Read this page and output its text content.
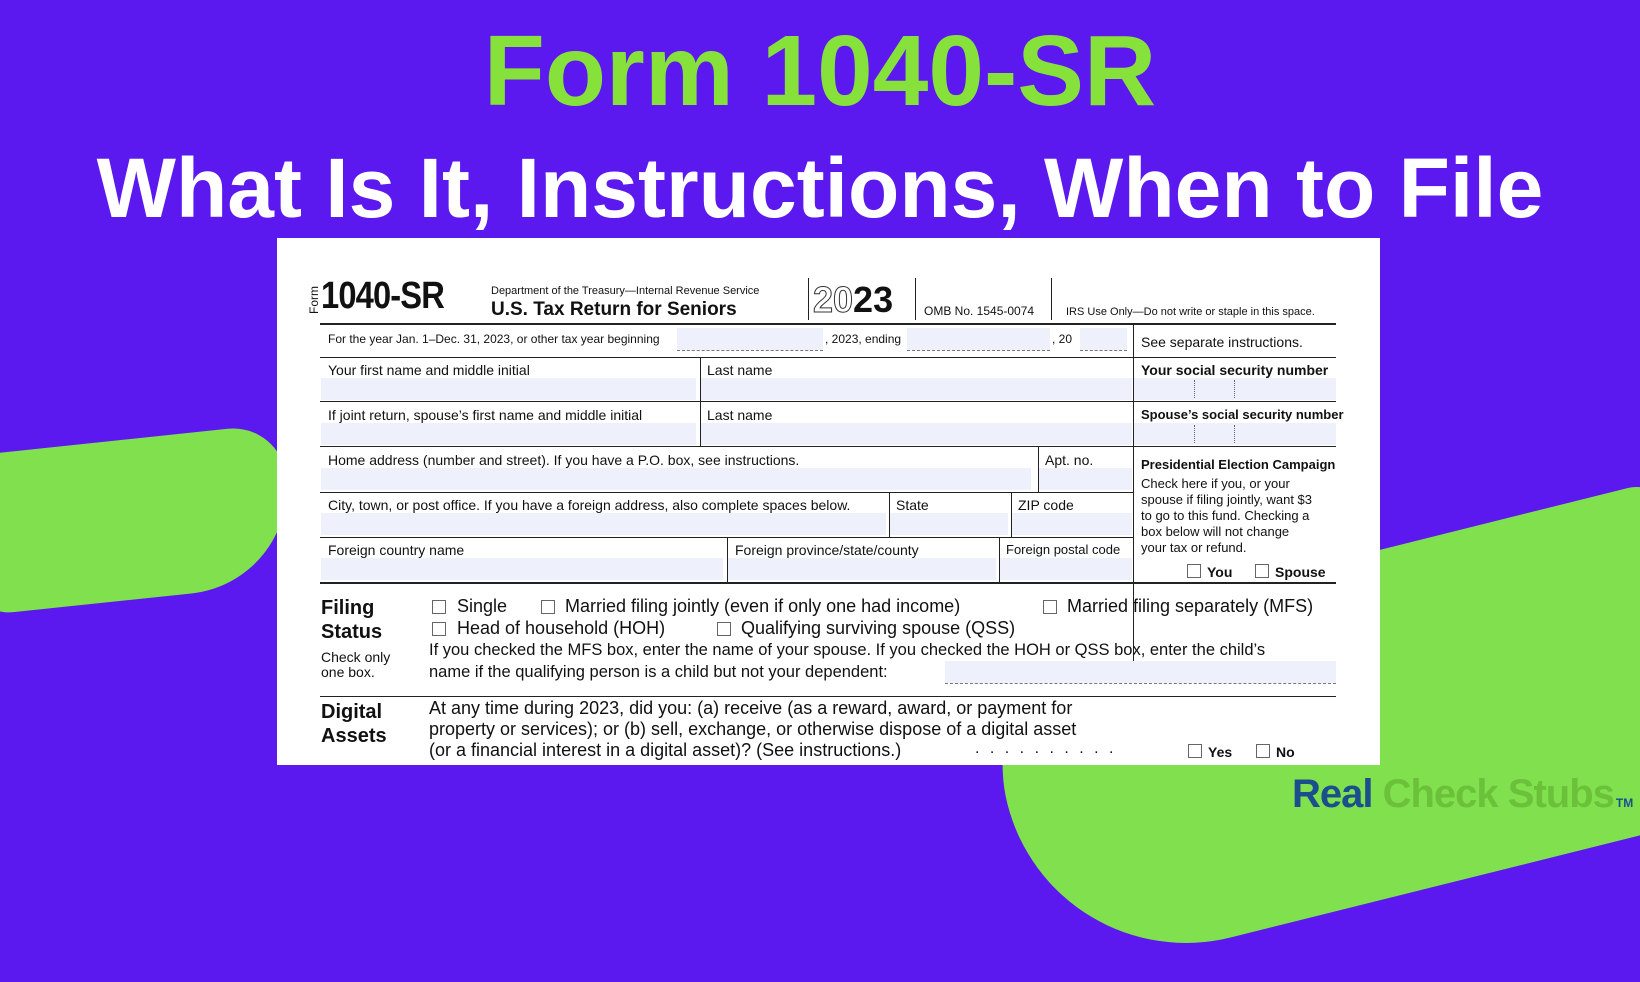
Form 1040-SR
What Is It, Instructions, When to File
Form 1040-SR	Department of the Treasury—Internal Revenue Service
U.S. Tax Return for Seniors 2023	OMB No. 1545-0074	IRS Use Only—Do not write or staple in this space.
For the year Jan. 1–Dec. 31, 2023, or other tax year beginning	, 2023, ending	, 20	See separate instructions.
Your first name and middle initial	Last name	Your social security number
If joint return, spouse’s first name and middle initial	Last name	Spouse’s social security number
Home address (number and street). If you have a P.O. box, see instructions.	Apt. no.	Presidential Election Campaign
Check here if you, or your
spouse if filing jointly, want $3
to go to this fund. Checking a
box below will not change
your tax or refund.
You	Spouse
City, town, or post office. If you have a foreign address, also complete spaces below.	State	ZIP code
Foreign country name	Foreign province/state/county	Foreign postal code
Filing
Status
Check only
one box.
Single	Married filing jointly (even if only one had income)	Married filing separately (MFS)
Head of household (HOH)	Qualifying surviving spouse (QSS)
If you checked the MFS box, enter the name of your spouse. If you checked the HOH or QSS box, enter the child’s
name if the qualifying person is a child but not your dependent:
Digital
Assets
At any time during 2023, did you: (a) receive (as a reward, award, or payment for
property or services); or (b) sell, exchange, or otherwise dispose of a digital asset
(or a financial interest in a digital asset)? (See instructions.)	. . . . . . . . . .	Yes	No
Real Check Stubs TM
